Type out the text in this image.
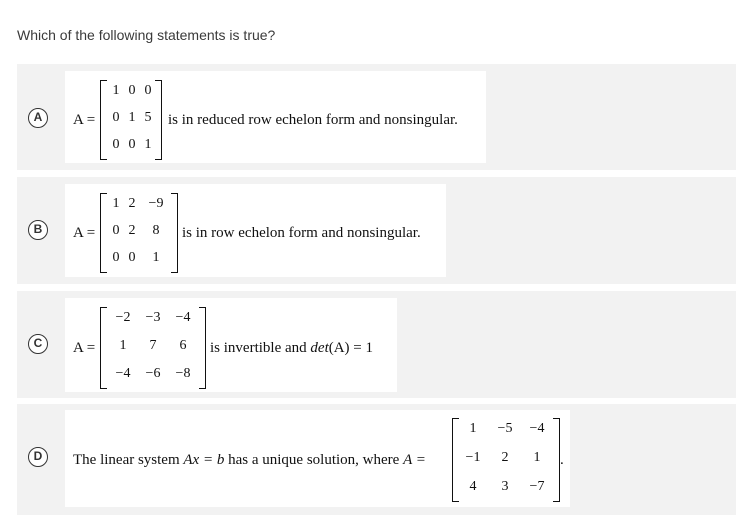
Which of the following statements is true?
A	A =
1 0 0
0 1 5
0 0 1
is in reduced row echelon form and nonsingular.
B	A =
1 2 −9
0 2	8
0 0	1
is in row echelon form and nonsingular.
C	A =
−2	−3	−4
1	7	6
−4	−6	−8
is invertible and det(A) = 1
D	The linear system Ax = b has a unique solution, where A =
1	−5	−4
−1	2	1
4	3	−7
.
